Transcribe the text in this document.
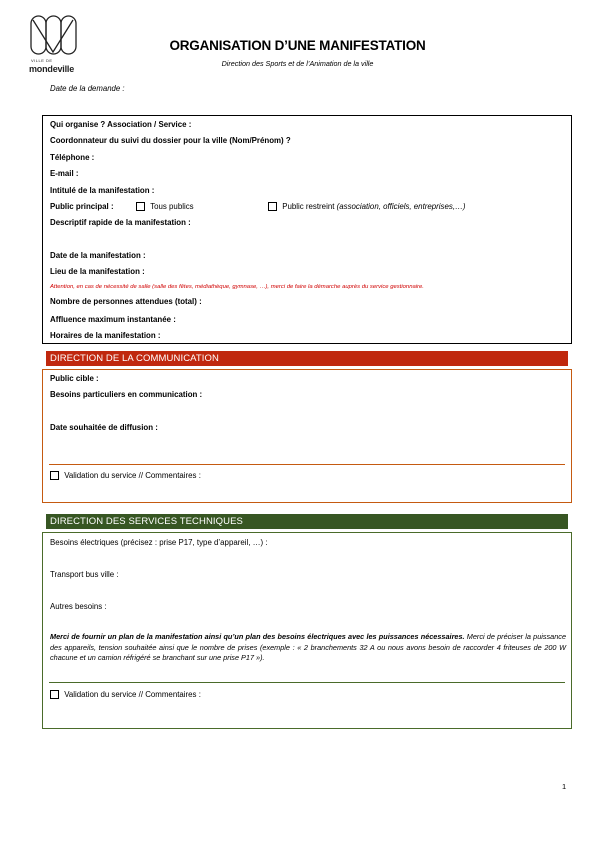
VILLE DE
mondeville
ORGANISATION D’UNE MANIFESTATION
Direction des Sports et de l’Animation de la ville
Date de la demande :
Qui organise ? Association / Service :
Coordonnateur du suivi du dossier pour la ville (Nom/Prénom) ?
Téléphone :
E-mail :
Intitulé de la manifestation :
Public principal :	Tous publics	Public restreint (association, officiels, entreprises,…)
Descriptif rapide de la manifestation :
Date de la manifestation :
Lieu de la manifestation :
Attention, en cas de nécessité de salle (salle des fêtes, médiathèque, gymnase, …), merci de faire la démarche auprès du service gestionnaire.
Nombre de personnes attendues (total) :
Affluence maximum instantanée :
Horaires de la manifestation :
DIRECTION DE LA COMMUNICATION
Public cible :
Besoins particuliers en communication :
Date souhaitée de diffusion :
Validation du service // Commentaires :
DIRECTION DES SERVICES TECHNIQUES
Besoins électriques (précisez : prise P17, type d’appareil, …) :
Transport bus ville :
Autres besoins :
Merci de fournir un plan de la manifestation ainsi qu’un plan des besoins électriques avec les puissances nécessaires. Merci de préciser la puissance des appareils, tension souhaitée ainsi que le nombre de prises (exemple : « 2 branchements 32 A ou nous avons besoin de raccorder 4 friteuses de 200 W chacune et un camion réfrigéré se branchant sur une prise P17 »).
Validation du service // Commentaires :
1
